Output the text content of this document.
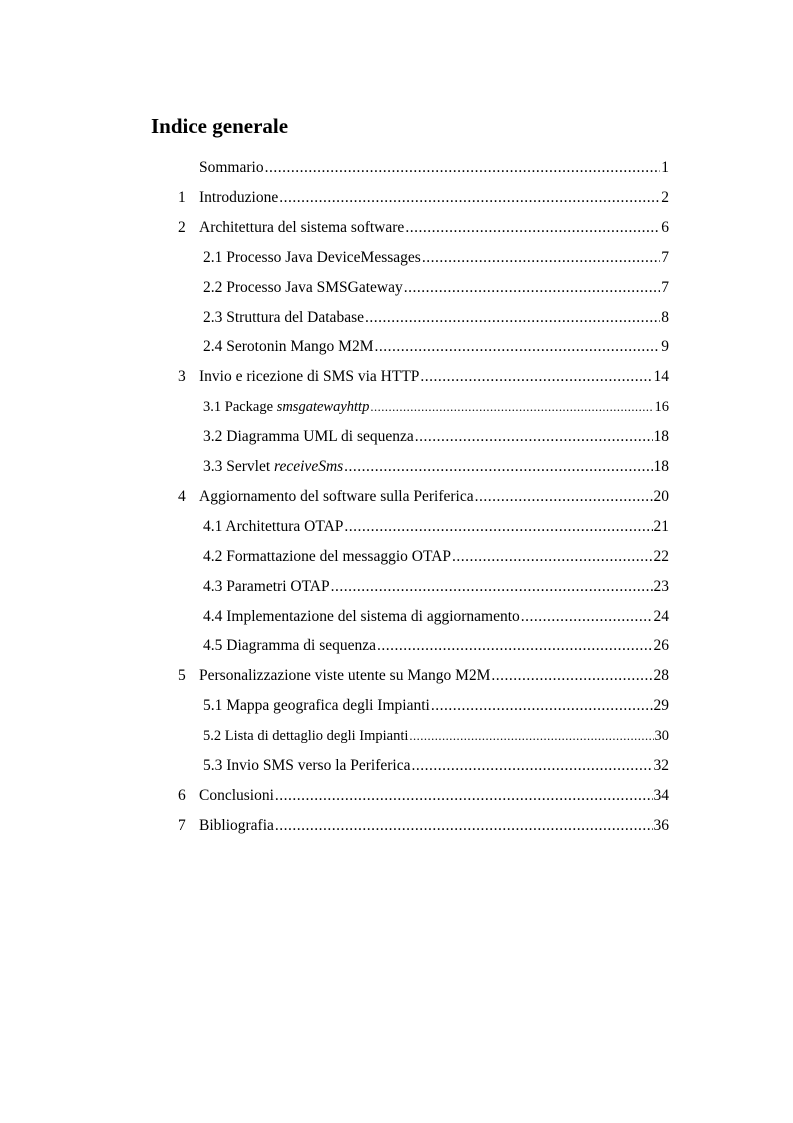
Indice generale
Sommario .....	1
1 Introduzione .....	2
2 Architettura del sistema software .....	6
2.1 Processo Java DeviceMessages .....	7
2.2 Processo Java SMSGateway .....	7
2.3 Struttura del Database .....	8
2.4 Serotonin Mango M2M .....	9
3 Invio e ricezione di SMS via HTTP .....	14
3.1 Package smsgatewayhttp .....	16
3.2 Diagramma UML di sequenza .....	18
3.3 Servlet receiveSms .....	18
4 Aggiornamento del software sulla Periferica .....	20
4.1 Architettura OTAP .....	21
4.2 Formattazione del messaggio OTAP .....	22
4.3 Parametri OTAP .....	23
4.4 Implementazione del sistema di aggiornamento .....	24
4.5 Diagramma di sequenza .....	26
5 Personalizzazione viste utente su Mango M2M .....	28
5.1 Mappa geografica degli Impianti .....	29
5.2 Lista di dettaglio degli Impianti .....	30
5.3 Invio SMS verso la Periferica .....	32
6 Conclusioni .....	34
7 Bibliografia .....	36
